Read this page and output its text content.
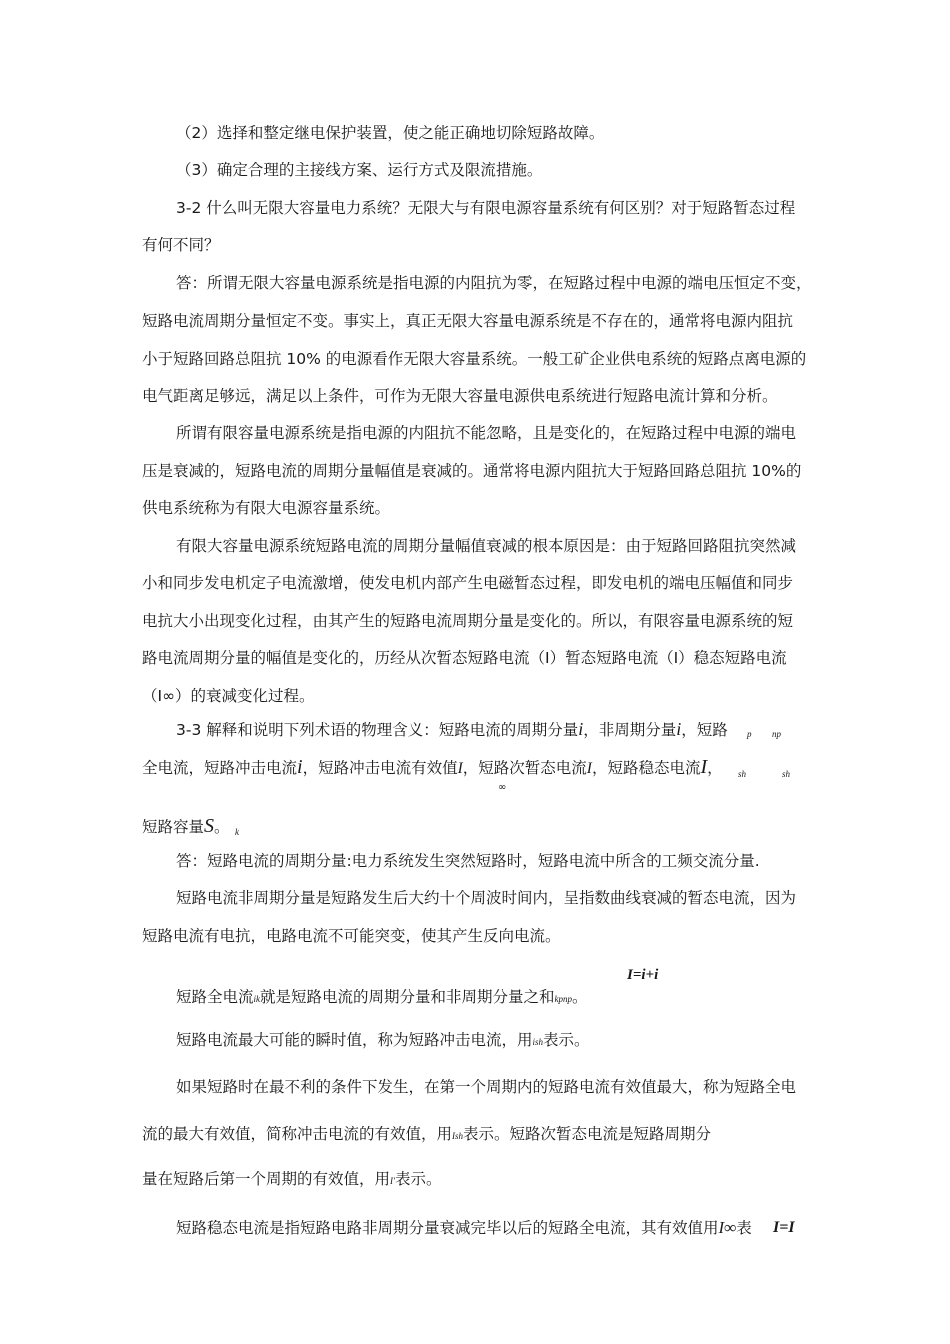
（2）选择和整定继电保护装置，使之能正确地切除短路故障。
（3）确定合理的主接线方案、运行方式及限流措施。
3-2 什么叫无限大容量电力系统？无限大与有限电源容量系统有何区别？对于短路暂态过程
有何不同？
答：所谓无限大容量电源系统是指电源的内阻抗为零，在短路过程中电源的端电压恒定不变，
短路电流周期分量恒定不变。事实上，真正无限大容量电源系统是不存在的，通常将电源内阻抗
小于短路回路总阻抗 10% 的电源看作无限大容量系统。一般工矿企业供电系统的短路点离电源的
电气距离足够远，满足以上条件，可作为无限大容量电源供电系统进行短路电流计算和分析。
所谓有限容量电源系统是指电源的内阻抗不能忽略，且是变化的，在短路过程中电源的端电
压是衰减的，短路电流的周期分量幅值是衰减的。通常将电源内阻抗大于短路回路总阻抗 10%的
供电系统称为有限大电源容量系统。
有限大容量电源系统短路电流的周期分量幅值衰减的根本原因是：由于短路回路阻抗突然减
小和同步发电机定子电流激增，使发电机内部产生电磁暂态过程，即发电机的端电压幅值和同步
电抗大小出现变化过程，由其产生的短路电流周期分量是变化的。所以，有限容量电源系统的短
路电流周期分量的幅值是变化的，历经从次暂态短路电流（I）暂态短路电流（I）稳态短路电流
（I∞）的衰减变化过程。
3-3 解释和说明下列术语的物理含义：短路电流的周期分量i，非周期分量i，短路 p np
全电流，短路冲击电流i，短路冲击电流有效值I，短路次暂态电流I，短路稳态电流I， sh	sh
∞
短路容量S。 k
答：短路电流的周期分量:电力系统发生突然短路时，短路电流中所含的工频交流分量.
短路电流非周期分量是短路发生后大约十个周波时间内，呈指数曲线衰减的暂态电流，因为
短路电流有电抗，电路电流不可能突变，使其产生反向电流。
I=i+i
短路全电流ik就是短路电流的周期分量和非周期分量之和kpnp。
短路电流最大可能的瞬时值，称为短路冲击电流，用ish表示。
如果短路时在最不利的条件下发生，在第一个周期内的短路电流有效值最大，称为短路全电
流的最大有效值，简称冲击电流的有效值，用Ish表示。短路次暂态电流是短路周期分
量在短路后第一个周期的有效值，用I′表示。
短路稳态电流是指短路电路非周期分量衰减完毕以后的短路全电流，其有效值用I∞表 I=I
